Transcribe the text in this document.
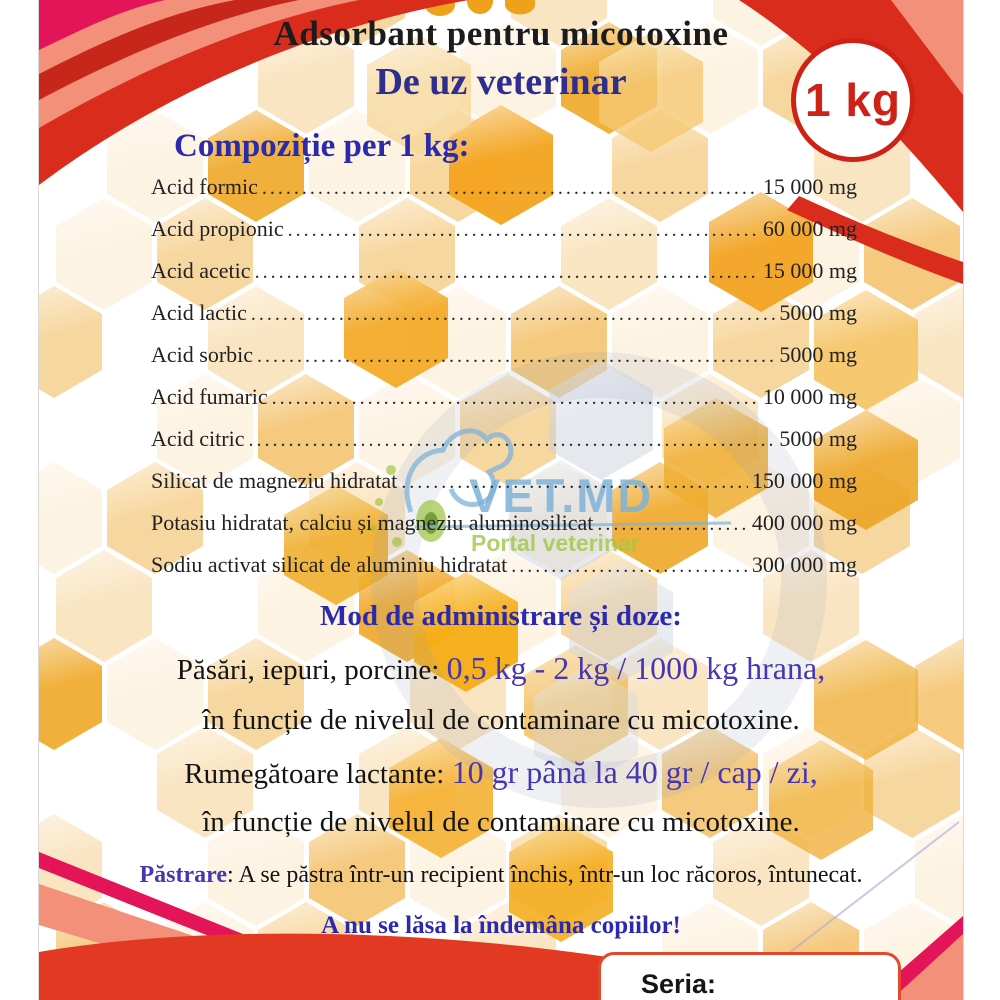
VET.MD
Portal veterinar
Adsorbant pentru micotoxine
De uz veterinar	1 kg
Compoziție per 1 kg:
Acid formic .....	15 000 mg
Acid propionic .....	60 000 mg
Acid acetic .....	15 000 mg
Acid lactic .....	5000 mg
Acid sorbic .....	5000 mg
Acid fumaric .....	10 000 mg
Acid citric .....	5000 mg
Silicat de magneziu hidratat .....	150 000 mg
Potasiu hidratat, calciu și magneziu aluminosilicat .....	400 000 mg
Sodiu activat silicat de aluminiu hidratat .....	300 000 mg
Mod de administrare și doze:
Păsări, iepuri, porcine: 0,5 kg - 2 kg / 1000 kg hrana,
în funcție de nivelul de contaminare cu micotoxine.
Rumegătoare lactante: 10 gr până la 40 gr / cap / zi,
în funcție de nivelul de contaminare cu micotoxine.
Păstrare: A se păstra într-un recipient închis, într-un loc răcoros, întunecat.
A nu se lăsa la îndemâna copiilor!
Seria:
